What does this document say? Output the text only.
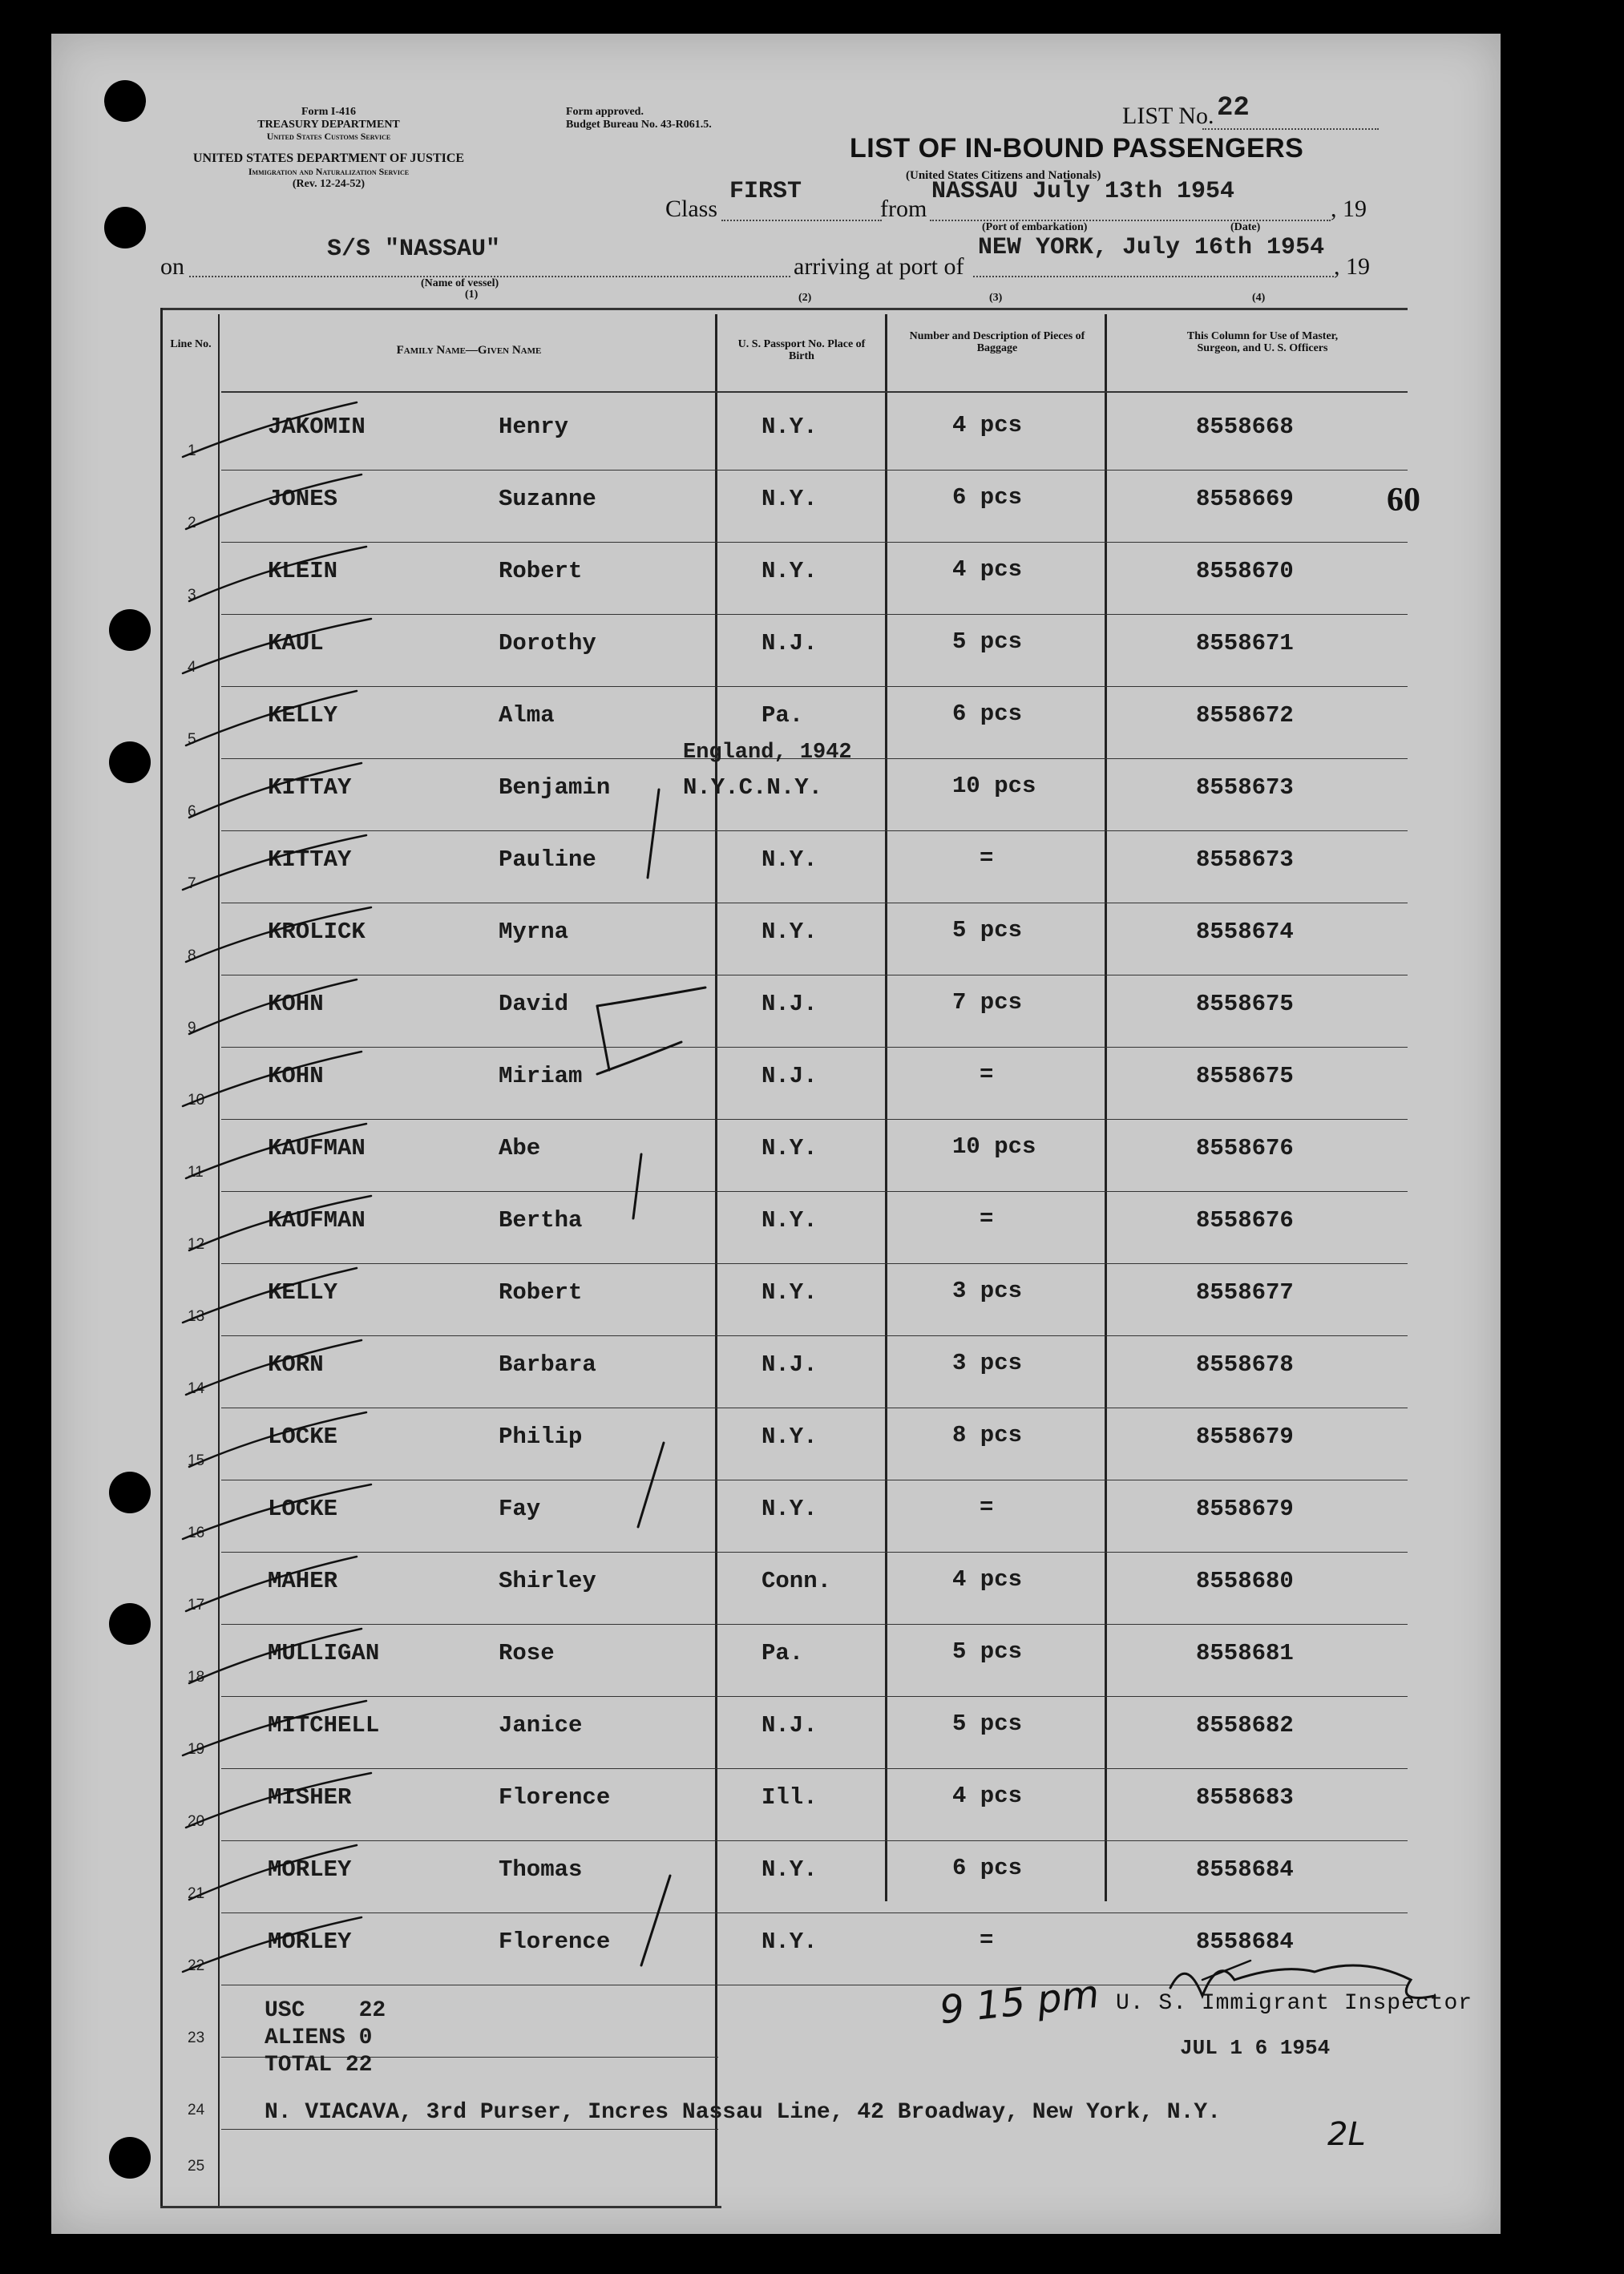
Form I-416
TREASURY DEPARTMENT
United States Customs Service
UNITED STATES DEPARTMENT OF JUSTICE
Immigration and Naturalization Service
(Rev. 12-24-52)
Form approved.
Budget Bureau No. 43-R061.5.	LIST No. 22
LIST OF IN-BOUND PASSENGERS
(United States Citizens and Nationals)
Class
FIRST
from
NASSAU July 13th 1954
, 19
(Port of embarkation)	(Date)
on
S/S "NASSAU"
(Name of vessel)
(1)
arriving at port of
NEW YORK, July 16th 1954
, 19
(2)	(3)	(4)
Line No.	Family Name—Given Name	U. S. Passport No. Place of Birth
Number and Description of Pieces of Baggage
This Column for Use of Master, Surgeon, and U. S. Officers
1
JAKOMIN	Henry	N.Y.	4 pcs	8558668
2
JONES	Suzanne	N.Y.	6 pcs	8558669
3
KLEIN	Robert	N.Y.	4 pcs	8558670
4
KAUL	Dorothy	N.J.	5 pcs	8558671
5
KELLY	Alma	Pa.	6 pcs	8558672
6
KITTAY	Benjamin	N.Y.C.N.Y.	10 pcs	8558673
7
KITTAY	Pauline	N.Y.	=	8558673
8
KROLICK	Myrna	N.Y.	5 pcs	8558674
9
KOHN	David	N.J.	7 pcs	8558675
10
KOHN	Miriam	N.J.	=	8558675
11
KAUFMAN	Abe	N.Y.	10 pcs	8558676
12
KAUFMAN	Bertha	N.Y.	=	8558676
13
KELLY	Robert	N.Y.	3 pcs	8558677
14
KORN	Barbara	N.J.	3 pcs	8558678
15
LOCKE	Philip	N.Y.	8 pcs	8558679
16
LOCKE	Fay	N.Y.	=	8558679
17
MAHER	Shirley	Conn.	4 pcs	8558680
18
MULLIGAN	Rose	Pa.	5 pcs	8558681
19
MITCHELL	Janice	N.J.	5 pcs	8558682
20
MISHER	Florence	Ill.	4 pcs	8558683
21
MORLEY	Thomas	N.Y.	6 pcs	8558684
22
MORLEY	Florence	N.Y.	=	8558684
23
24
25
England, 1942
60
USC    22
ALIENS 0
TOTAL 22
9 15 pm U. S. Immigrant Inspector
JUL 1 6 1954
N. VIACAVA, 3rd Purser, Incres Nassau Line, 42 Broadway, New York, N.Y.
2L
